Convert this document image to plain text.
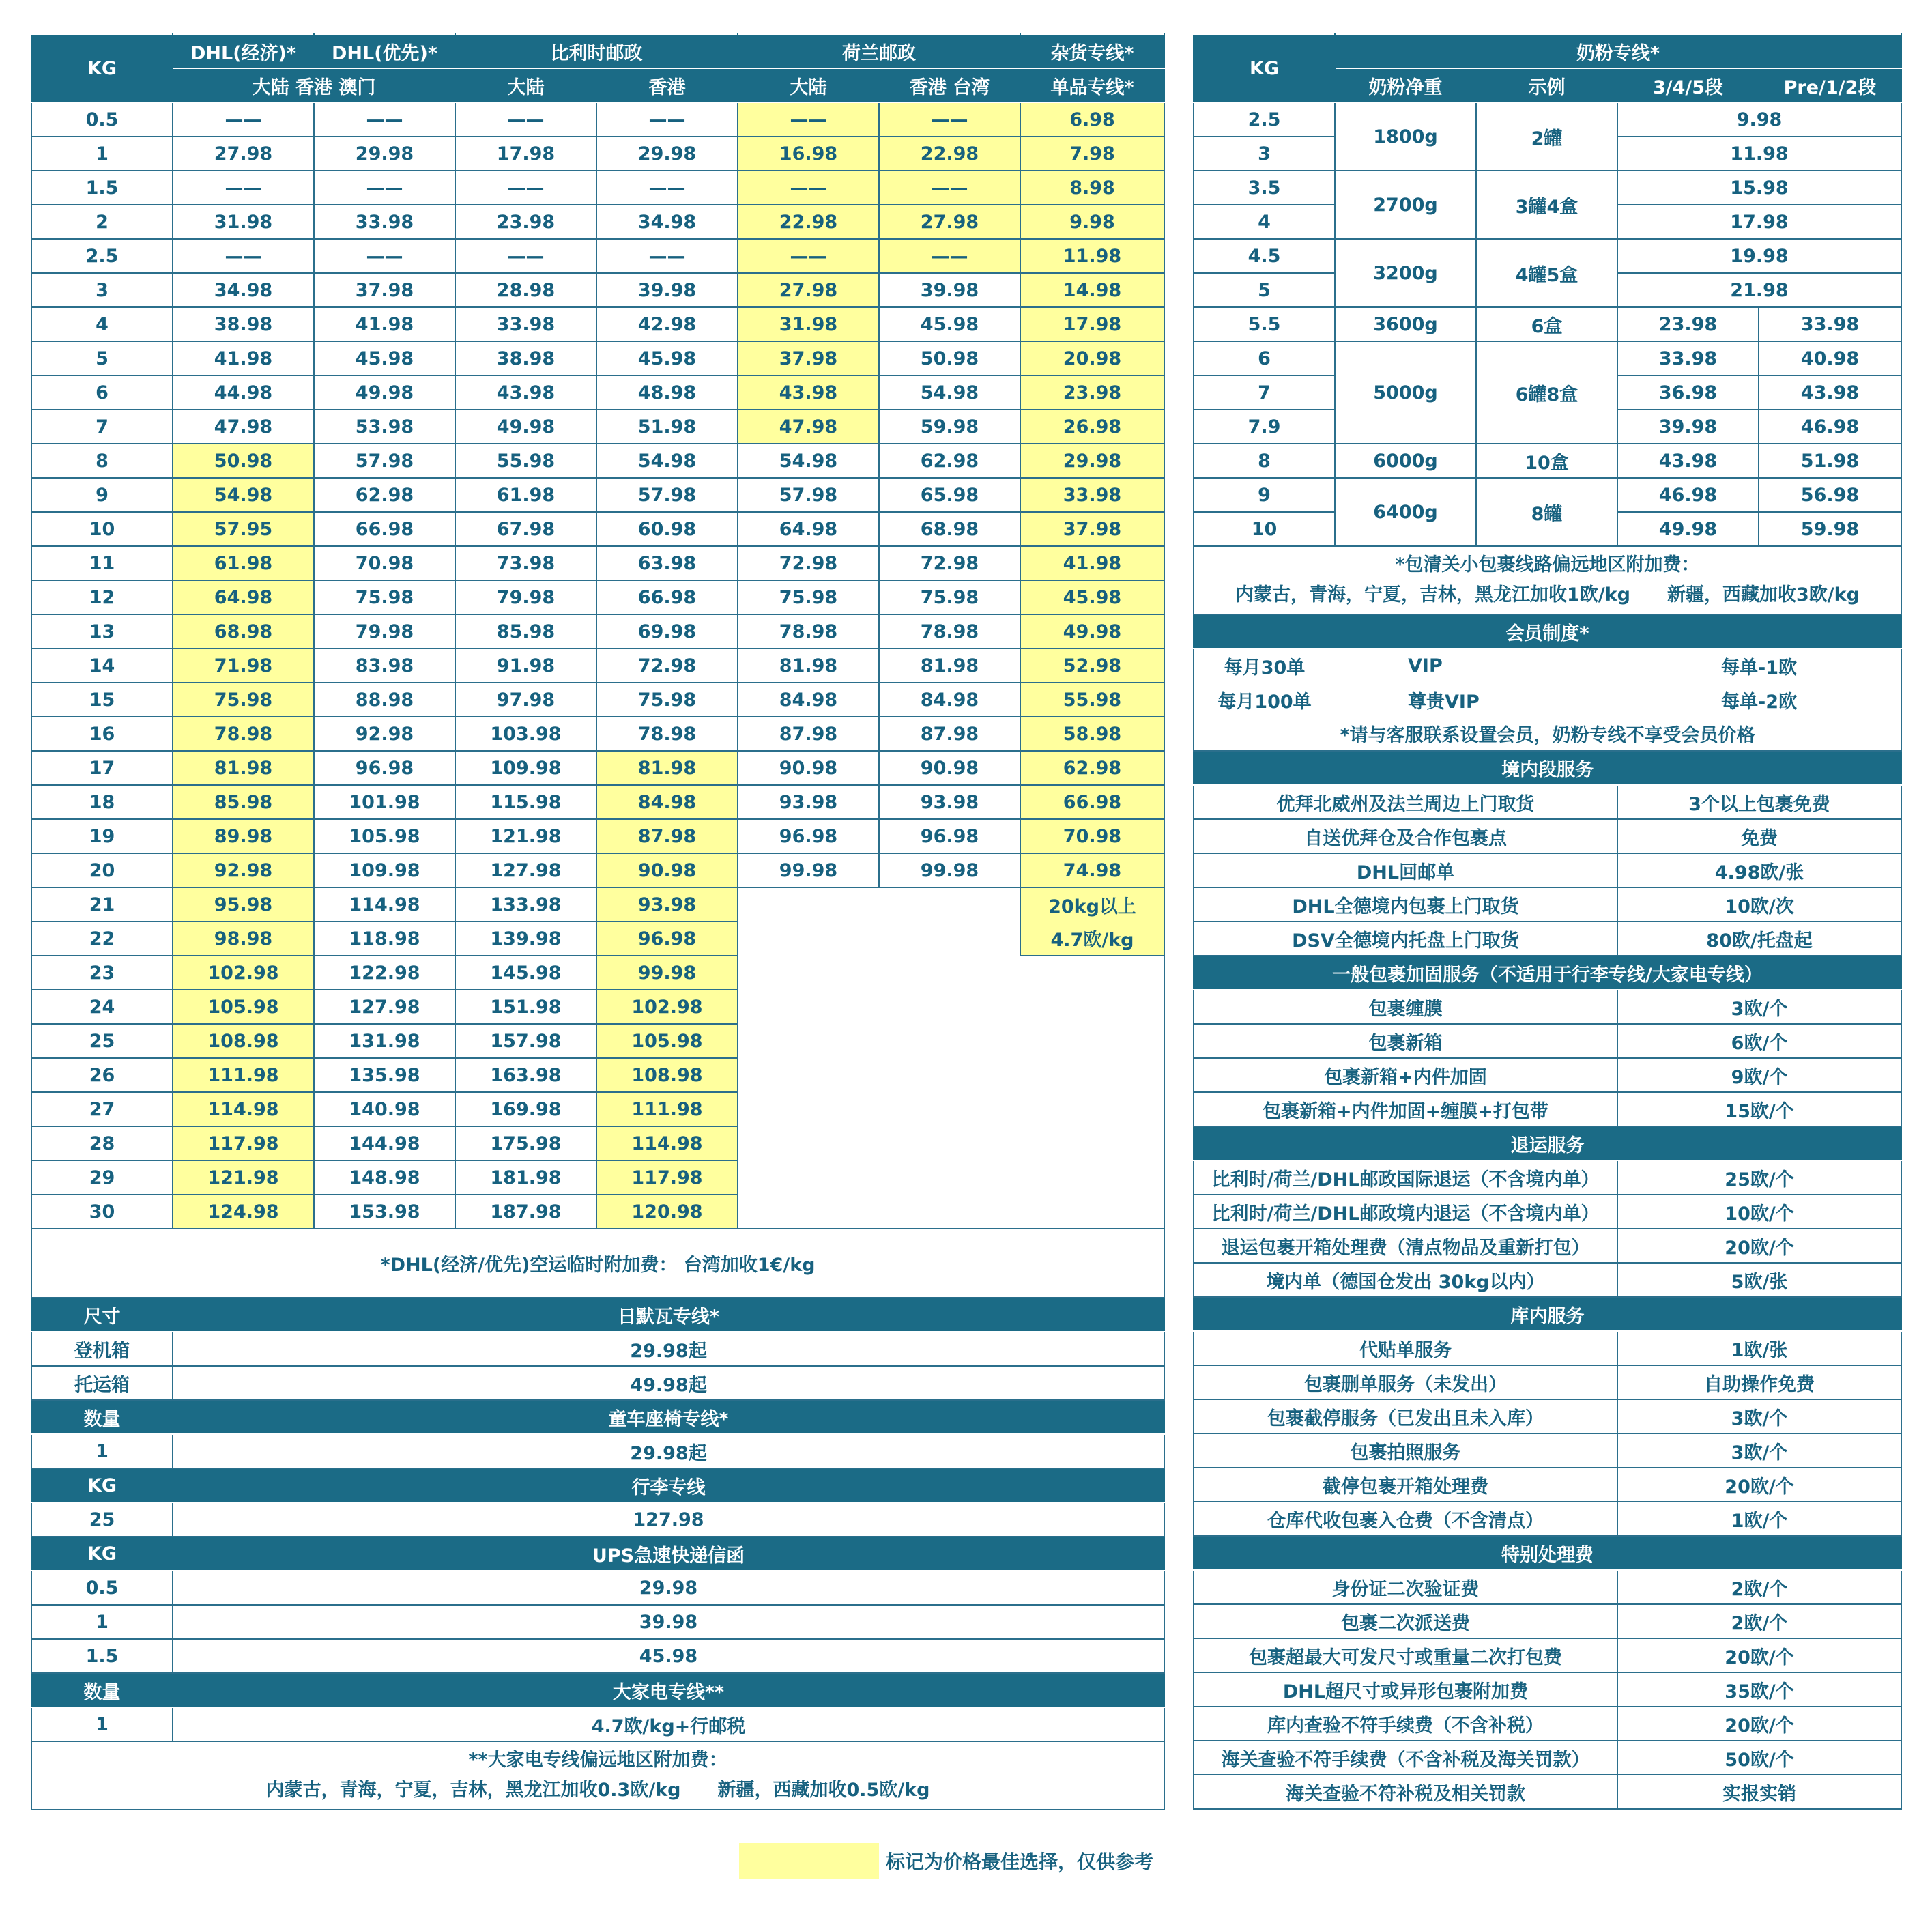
KG	DHL(经济)*	DHL(优先)*	比利时邮政		荷兰邮政		杂货专线*
	大陆 香港 澳门		大陆	香港	大陆	香港 台湾	单品专线*
0.5	——	——	——	——	——	——	6.98
1	27.98	29.98	17.98	29.98	16.98	22.98	7.98
1.5	——	——	——	——	——	——	8.98
2	31.98	33.98	23.98	34.98	22.98	27.98	9.98
2.5	——	——	——	——	——	——	11.98
3	34.98	37.98	28.98	39.98	27.98	39.98	14.98
4	38.98	41.98	33.98	42.98	31.98	45.98	17.98
5	41.98	45.98	38.98	45.98	37.98	50.98	20.98
6	44.98	49.98	43.98	48.98	43.98	54.98	23.98
7	47.98	53.98	49.98	51.98	47.98	59.98	26.98
8	50.98	57.98	55.98	54.98	54.98	62.98	29.98
9	54.98	62.98	61.98	57.98	57.98	65.98	33.98
10	57.95	66.98	67.98	60.98	64.98	68.98	37.98
11	61.98	70.98	73.98	63.98	72.98	72.98	41.98
12	64.98	75.98	79.98	66.98	75.98	75.98	45.98
13	68.98	79.98	85.98	69.98	78.98	78.98	49.98
14	71.98	83.98	91.98	72.98	81.98	81.98	52.98
15	75.98	88.98	97.98	75.98	84.98	84.98	55.98
16	78.98	92.98	103.98	78.98	87.98	87.98	58.98
17	81.98	96.98	109.98	81.98	90.98	90.98	62.98
18	85.98	101.98	115.98	84.98	93.98	93.98	66.98
19	89.98	105.98	121.98	87.98	96.98	96.98	70.98
20	92.98	109.98	127.98	90.98	99.98	99.98	74.98
21	95.98	114.98	133.98	93.98			20kg以上
22	98.98	118.98	139.98	96.98			4.7欧/kg
23	102.98	122.98	145.98	99.98			
24	105.98	127.98	151.98	102.98			
25	108.98	131.98	157.98	105.98			
26	111.98	135.98	163.98	108.98			
27	114.98	140.98	169.98	111.98			
28	117.98	144.98	175.98	114.98			
29	121.98	148.98	181.98	117.98			
30	124.98	153.98	187.98	120.98			
*DHL(经济/优先)空运临时附加费： 台湾加收1€/kg							
尺寸	日默瓦专线*						
登机箱	29.98起						
托运箱	49.98起						
数量	童车座椅专线*						
1	29.98起						
KG	行李专线						
25	127.98						
KG	UPS急速快递信函						
0.5	29.98						
1	39.98						
1.5	45.98						
数量	大家电专线**						
1	4.7欧/kg+行邮税						

**大家电专线偏远地区附加费：
内蒙古，青海，宁夏，吉林，黑龙江加收0.3欧/kg　　新疆，西藏加收0.5欧/kg							
KG	奶粉专线*			
	奶粉净重	示例	3/4/5段	Pre/1/2段
2.5	1800g	2罐	9.98	
3			11.98	
3.5	2700g	3罐4盒	15.98	
4			17.98	
4.5	3200g	4罐5盒	19.98	
5			21.98	
5.5	3600g	6盒	23.98	33.98
6	5000g	6罐8盒	33.98	40.98
7			36.98	43.98
7.9			39.98	46.98
8	6000g	10盒	43.98	51.98
9	6400g	8罐	46.98	56.98
10			49.98	59.98

*包清关小包裹线路偏远地区附加费：
内蒙古，青海，宁夏，吉林，黑龙江加收1欧/kg　　新疆，西藏加收3欧/kg				

会员制度*				
每月30单	VIP		每单-1欧	
每月100单	尊贵VIP		每单-2欧	
*请与客服联系设置会员，奶粉专线不享受会员价格				
境内段服务				
优拜北威州及法兰周边上门取货			3个以上包裹免费	
自送优拜仓及合作包裹点			免费	
DHL回邮单			4.98欧/张	
DHL全德境内包裹上门取货			10欧/次	
DSV全德境内托盘上门取货			80欧/托盘起	
一般包裹加固服务（不适用于行李专线/大家电专线）				
包裹缠膜			3欧/个	
包裹新箱			6欧/个	
包裹新箱+内件加固			9欧/个	
包裹新箱+内件加固+缠膜+打包带			15欧/个	
退运服务				
比利时/荷兰/DHL邮政国际退运（不含境内单）			25欧/个	
比利时/荷兰/DHL邮政境内退运（不含境内单）			10欧/个	
退运包裹开箱处理费（清点物品及重新打包）			20欧/个	
境内单（德国仓发出 30kg以内）			5欧/张	
库内服务				
代贴单服务			1欧/张	
包裹删单服务（未发出）			自助操作免费	
包裹截停服务（已发出且未入库）			3欧/个	
包裹拍照服务			3欧/个	
截停包裹开箱处理费			20欧/个	
仓库代收包裹入仓费（不含清点）			1欧/个	
特别处理费				
身份证二次验证费			2欧/个	
包裹二次派送费			2欧/个	
包裹超最大可发尺寸或重量二次打包费			20欧/个	
DHL超尺寸或异形包裹附加费			35欧/个	
库内查验不符手续费（不含补税）			20欧/个	
海关查验不符手续费（不含补税及海关罚款）			50欧/个	
海关查验不符补税及相关罚款			实报实销	
标记为价格最佳选择，仅供参考
